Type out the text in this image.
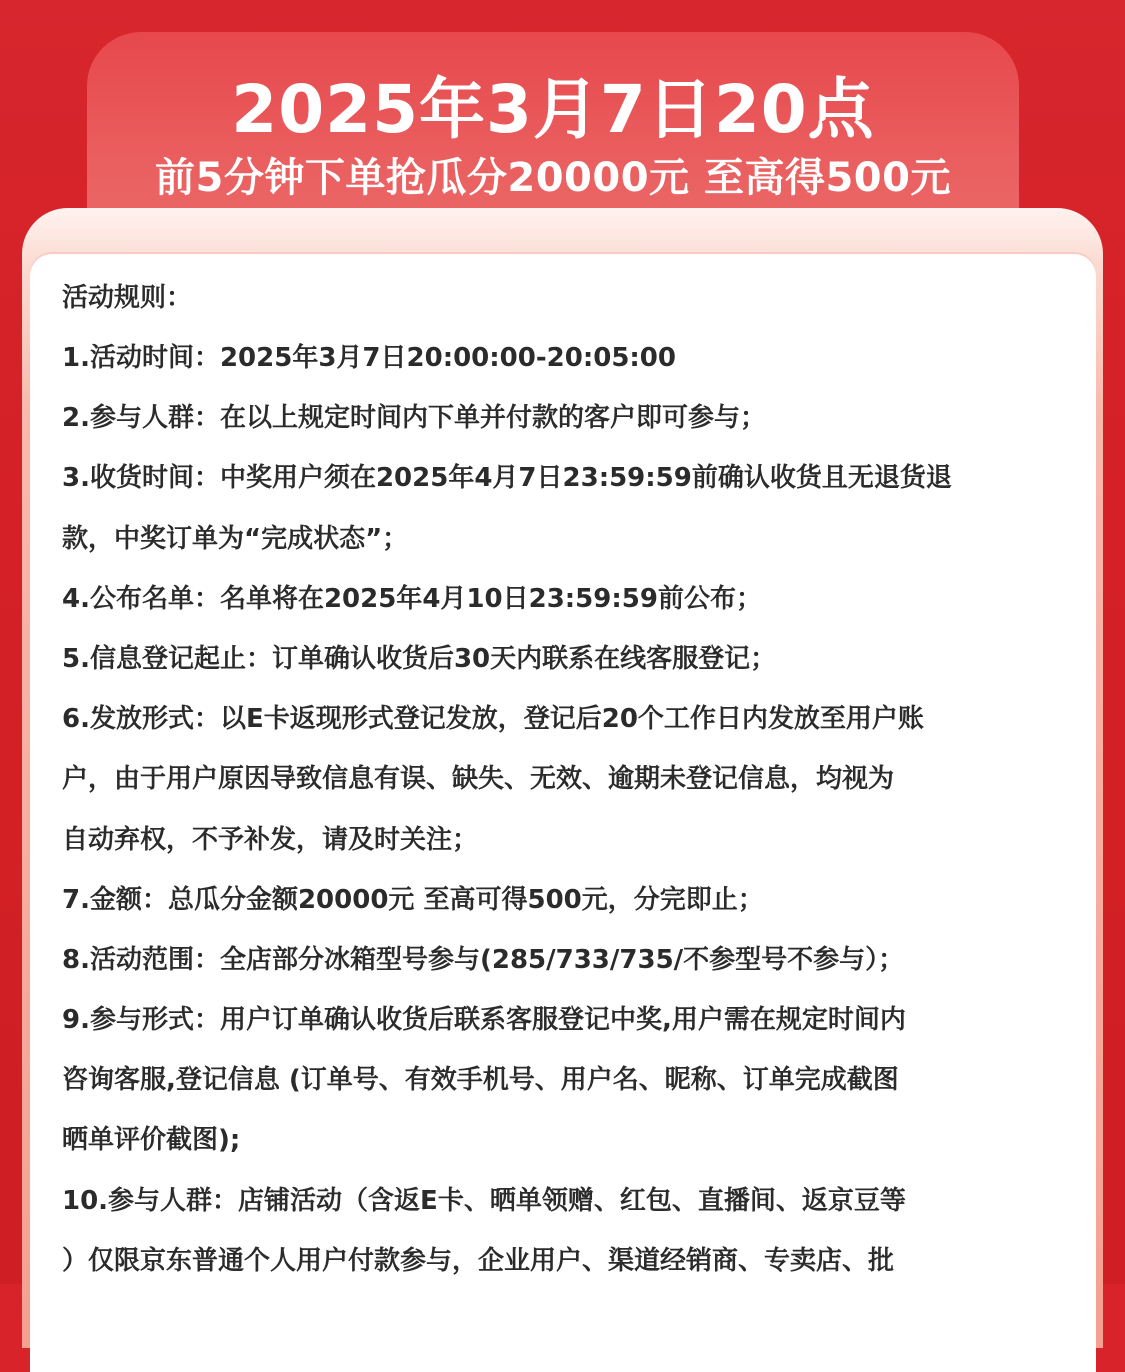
2025年3月7日20点
前5分钟下单抢瓜分20000元 至高得500元
活动规则：
1.活动时间：2025年3月7日20:00:00-20:05:00
2.参与人群：在以上规定时间内下单并付款的客户即可参与；
3.收货时间：中奖用户须在2025年4月7日23:59:59前确认收货且无退货退
款，中奖订单为“完成状态”；
4.公布名单：名单将在2025年4月10日23:59:59前公布；
5.信息登记起止：订单确认收货后30天内联系在线客服登记；
6.发放形式：以E卡返现形式登记发放，登记后20个工作日内发放至用户账
户，由于用户原因导致信息有误、缺失、无效、逾期未登记信息，均视为
自动弃权，不予补发，请及时关注；
7.金额：总瓜分金额20000元 至高可得500元，分完即止；
8.活动范围：全店部分冰箱型号参与(285/733/735/不参型号不参与）；
9.参与形式：用户订单确认收货后联系客服登记中奖,用户需在规定时间内
咨询客服,登记信息 (订单号、有效手机号、用户名、昵称、订单完成截图
晒单评价截图);
10.参与人群：店铺活动（含返E卡、晒单领赠、红包、直播间、返京豆等
）仅限京东普通个人用户付款参与，企业用户、渠道经销商、专卖店、批
